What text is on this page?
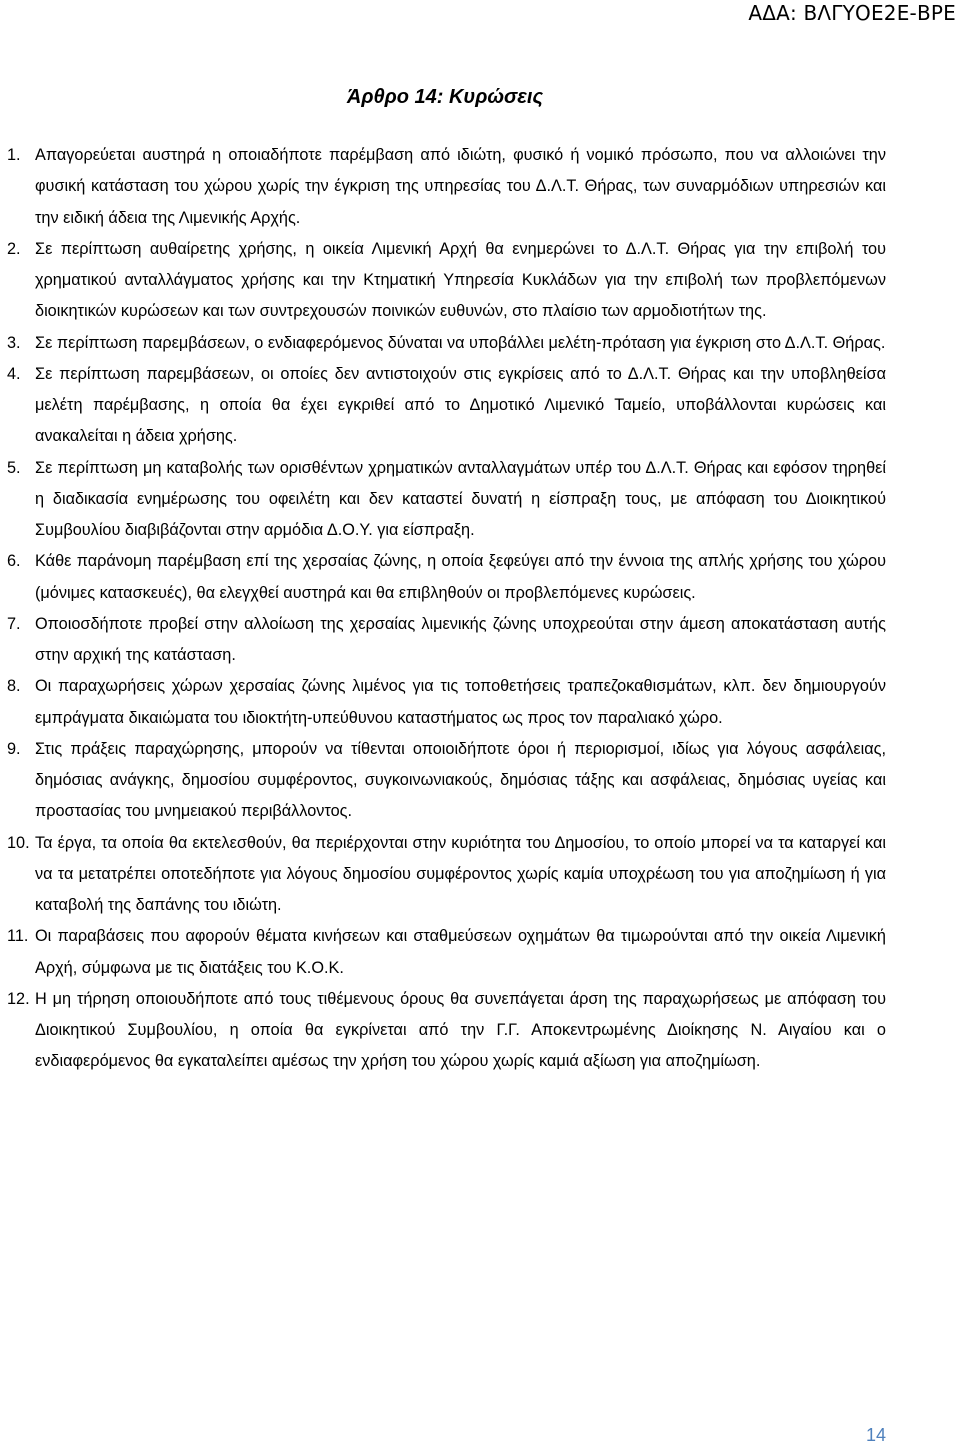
ΑΔΑ: ΒΛΓΥΟΕ2Ε-ΒΡΕ
Άρθρο 14: Κυρώσεις
1. Απαγορεύεται αυστηρά η οποιαδήποτε παρέμβαση από ιδιώτη, φυσικό ή νομικό πρόσωπο, που να αλλοιώνει την φυσική κατάσταση του χώρου χωρίς την έγκριση της υπηρεσίας του Δ.Λ.Τ. Θήρας, των συναρμόδιων υπηρεσιών και την ειδική άδεια της Λιμενικής Αρχής.
2. Σε περίπτωση αυθαίρετης χρήσης, η οικεία Λιμενική Αρχή θα ενημερώνει το Δ.Λ.Τ. Θήρας για την επιβολή του χρηματικού ανταλλάγματος χρήσης και την Κτηματική Υπηρεσία Κυκλάδων για την επιβολή των προβλεπόμενων διοικητικών κυρώσεων και των συντρεχουσών ποινικών ευθυνών, στο πλαίσιο των αρμοδιοτήτων της.
3. Σε περίπτωση παρεμβάσεων, ο ενδιαφερόμενος δύναται να υποβάλλει μελέτη-πρόταση για έγκριση στο Δ.Λ.Τ. Θήρας.
4. Σε περίπτωση παρεμβάσεων, οι οποίες δεν αντιστοιχούν στις εγκρίσεις από το Δ.Λ.Τ. Θήρας και την υποβληθείσα μελέτη παρέμβασης, η οποία θα έχει εγκριθεί από το Δημοτικό Λιμενικό Ταμείο, υποβάλλονται κυρώσεις και ανακαλείται η άδεια χρήσης.
5. Σε περίπτωση μη καταβολής των ορισθέντων χρηματικών ανταλλαγμάτων υπέρ του Δ.Λ.Τ. Θήρας και εφόσον τηρηθεί η διαδικασία ενημέρωσης του οφειλέτη και δεν καταστεί δυνατή η είσπραξη τους, με απόφαση του Διοικητικού Συμβουλίου διαβιβάζονται στην αρμόδια Δ.Ο.Υ. για είσπραξη.
6. Κάθε παράνομη παρέμβαση επί της χερσαίας ζώνης, η οποία ξεφεύγει από την έννοια της απλής χρήσης του χώρου (μόνιμες κατασκευές), θα ελεγχθεί αυστηρά και θα επιβληθούν οι προβλεπόμενες κυρώσεις.
7. Οποιοσδήποτε προβεί στην αλλοίωση της χερσαίας λιμενικής ζώνης υποχρεούται στην άμεση αποκατάσταση αυτής στην αρχική της κατάσταση.
8. Οι παραχωρήσεις χώρων χερσαίας ζώνης λιμένος για τις τοποθετήσεις τραπεζοκαθισμάτων, κλπ. δεν δημιουργούν εμπράγματα δικαιώματα του ιδιοκτήτη-υπεύθυνου καταστήματος ως προς τον παραλιακό χώρο.
9. Στις πράξεις παραχώρησης, μπορούν να τίθενται οποιοιδήποτε όροι ή περιορισμοί, ιδίως για λόγους ασφάλειας, δημόσιας ανάγκης, δημοσίου συμφέροντος, συγκοινωνιακούς, δημόσιας τάξης και ασφάλειας, δημόσιας υγείας και προστασίας του μνημειακού περιβάλλοντος.
10. Τα έργα, τα οποία θα εκτελεσθούν, θα περιέρχονται στην κυριότητα του Δημοσίου, το οποίο μπορεί να τα καταργεί και να τα μετατρέπει οποτεδήποτε για λόγους δημοσίου συμφέροντος χωρίς καμία υποχρέωση του για αποζημίωση ή για καταβολή της δαπάνης του ιδιώτη.
11. Οι παραβάσεις που αφορούν θέματα κινήσεων και σταθμεύσεων οχημάτων θα τιμωρούνται από την οικεία Λιμενική Αρχή, σύμφωνα με τις διατάξεις του Κ.Ο.Κ.
12. Η μη τήρηση οποιουδήποτε από τους τιθέμενους όρους θα συνεπάγεται άρση της παραχωρήσεως με απόφαση του Διοικητικού Συμβουλίου, η οποία θα εγκρίνεται από την Γ.Γ. Αποκεντρωμένης Διοίκησης Ν. Αιγαίου και ο ενδιαφερόμενος θα εγκαταλείπει αμέσως την χρήση του χώρου χωρίς καμιά αξίωση για αποζημίωση.
14
